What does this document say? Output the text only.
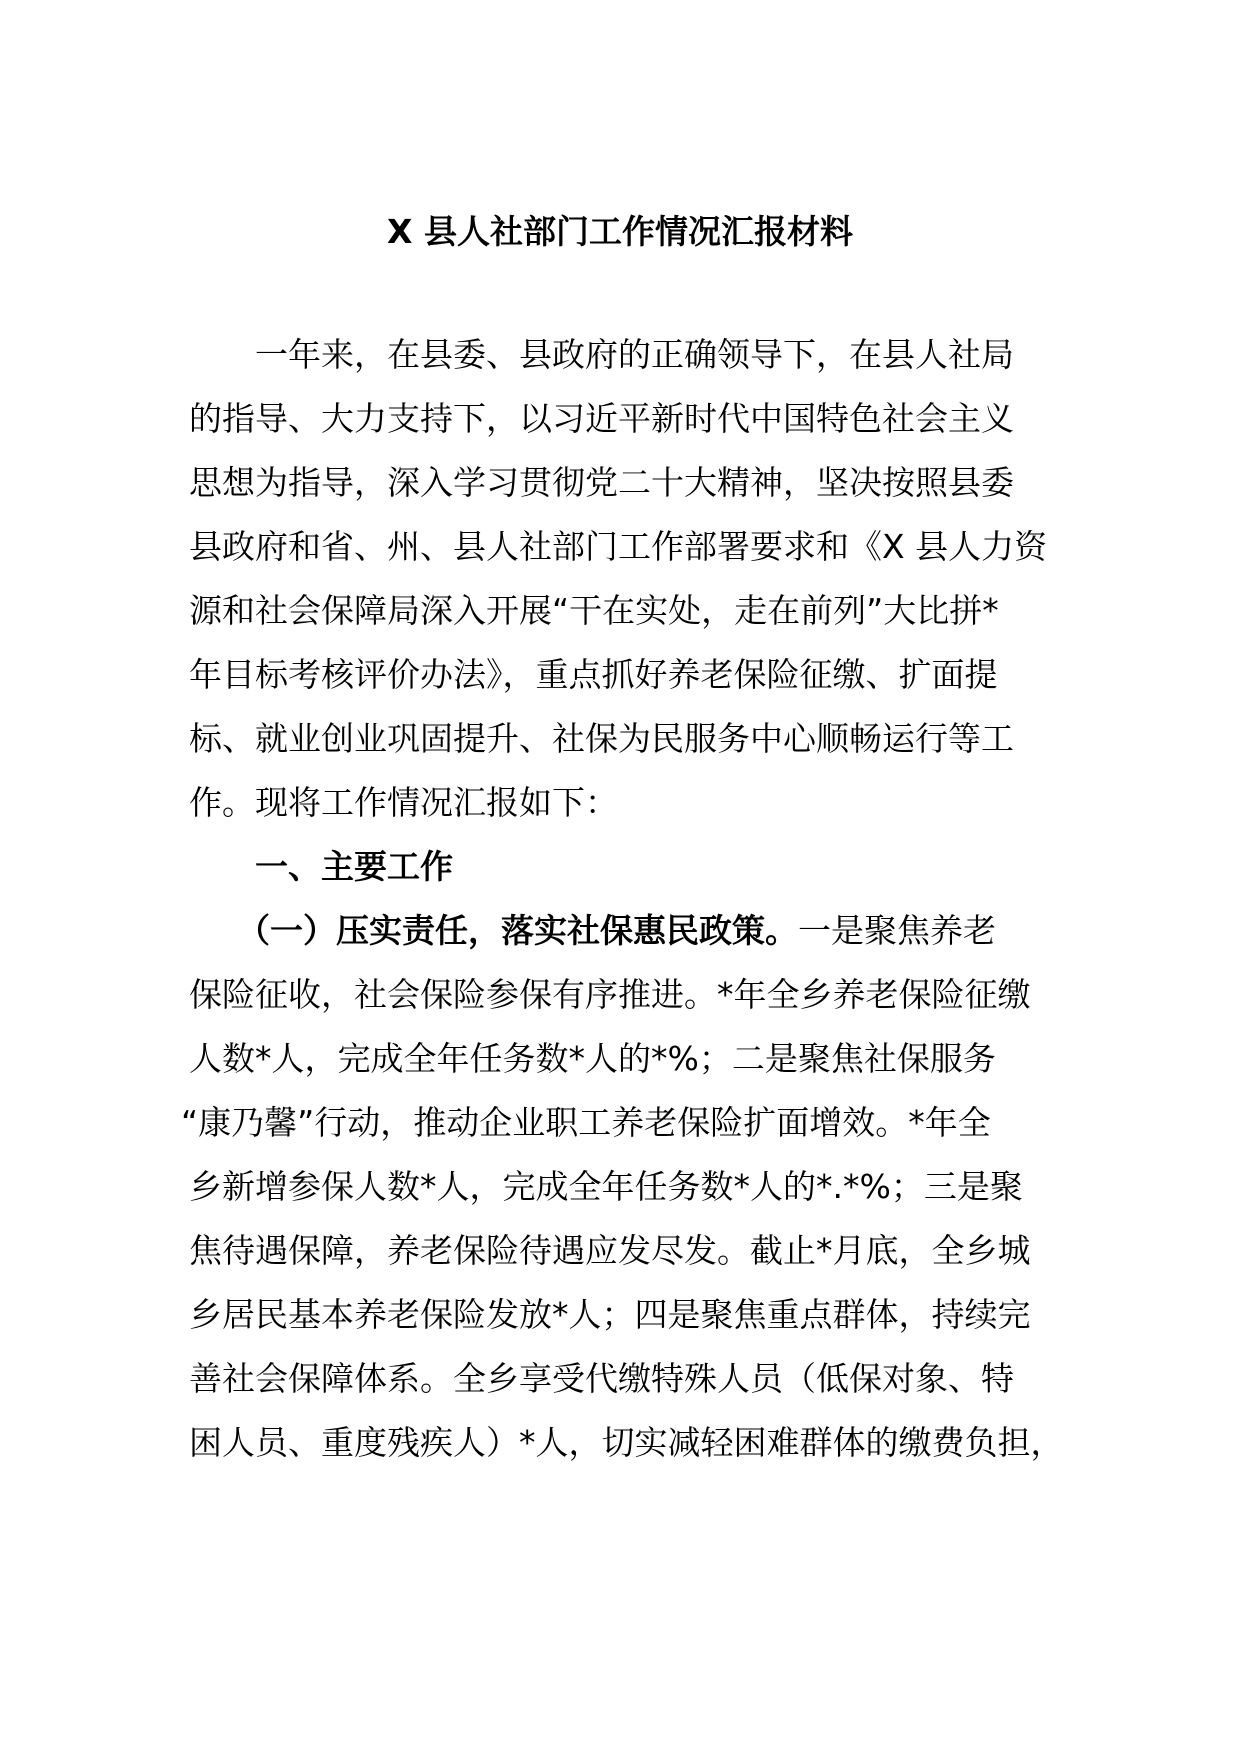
X 县人社部门工作情况汇报材料
一年来，在县委、县政府的正确领导下，在县人社局
的指导、大力支持下，以习近平新时代中国特色社会主义
思想为指导，深入学习贯彻党二十大精神，坚决按照县委
县政府和省、州、县人社部门工作部署要求和《X 县人力资
源和社会保障局深入开展“干在实处，走在前列”大比拼*
年目标考核评价办法》，重点抓好养老保险征缴、扩面提
标、就业创业巩固提升、社保为民服务中心顺畅运行等工
作。现将工作情况汇报如下：
一、主要工作
（一）压实责任，落实社保惠民政策。一是聚焦养老
保险征收，社会保险参保有序推进。*年全乡养老保险征缴
人数*人，完成全年任务数*人的*%；二是聚焦社保服务
“康乃馨”行动，推动企业职工养老保险扩面增效。*年全
乡新增参保人数*人，完成全年任务数*人的*.*%；三是聚
焦待遇保障，养老保险待遇应发尽发。截止*月底，全乡城
乡居民基本养老保险发放*人；四是聚焦重点群体，持续完
善社会保障体系。全乡享受代缴特殊人员（低保对象、特
困人员、重度残疾人）*人，切实减轻困难群体的缴费负担，
